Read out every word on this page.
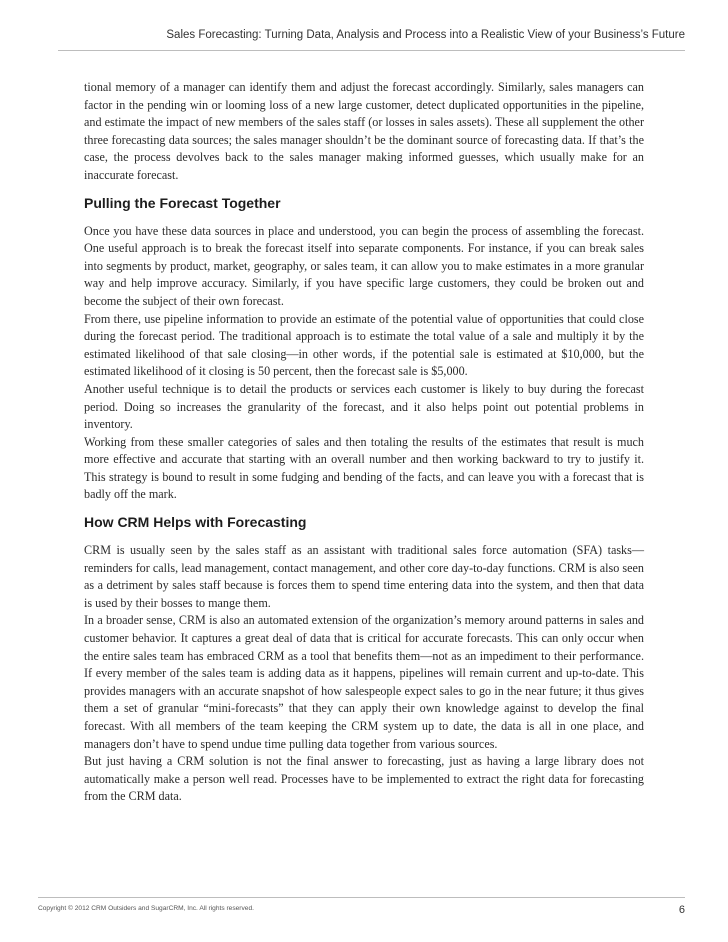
Sales Forecasting: Turning Data, Analysis and Process into a Realistic View of your Business’s Future

tional memory of a manager can identify them and adjust the forecast accordingly. Similarly, sales managers can factor in the pending win or looming loss of a new large customer, detect duplicated opportunities in the pipeline, and estimate the impact of new members of the sales staff (or losses in sales assets). These all supplement the other three forecasting data sources; the sales manager shouldn’t be the dominant source of forecasting data. If that’s the case, the process devolves back to the sales manager making informed guesses, which usually make for an inaccurate forecast.

Pulling the Forecast Together

Once you have these data sources in place and understood, you can begin the process of assembling the forecast. One useful approach is to break the forecast itself into separate components. For instance, if you can break sales into segments by product, market, geography, or sales team, it can allow you to make estimates in a more granular way and help improve accuracy. Similarly, if you have specific large customers, they could be broken out and become the subject of their own forecast.

From there, use pipeline information to provide an estimate of the potential value of opportunities that could close during the forecast period. The traditional approach is to estimate the total value of a sale and multiply it by the estimated likelihood of that sale closing—in other words, if the potential sale is estimated at $10,000, but the estimated likelihood of it closing is 50 percent, then the forecast sale is $5,000.

Another useful technique is to detail the products or services each customer is likely to buy during the forecast period. Doing so increases the granularity of the forecast, and it also helps point out potential problems in inventory.

Working from these smaller categories of sales and then totaling the results of the estimates that result is much more effective and accurate that starting with an overall number and then working backward to try to justify it. This strategy is bound to result in some fudging and bending of the facts, and can leave you with a forecast that is badly off the mark.

How CRM Helps with Forecasting

CRM is usually seen by the sales staff as an assistant with traditional sales force automation (SFA) tasks—reminders for calls, lead management, contact management, and other core day-to-day functions. CRM is also seen as a detriment by sales staff because is forces them to spend time entering data into the system, and then that data is used by their bosses to mange them.

In a broader sense, CRM is also an automated extension of the organization’s memory around patterns in sales and customer behavior. It captures a great deal of data that is critical for accurate forecasts. This can only occur when the entire sales team has embraced CRM as a tool that benefits them—not as an impediment to their performance. If every member of the sales team is adding data as it happens, pipelines will remain current and up-to-date. This provides managers with an accurate snapshot of how salespeople expect sales to go in the near future; it thus gives them a set of granular “mini-forecasts” that they can apply their own knowledge against to develop the final forecast. With all members of the team keeping the CRM system up to date, the data is all in one place, and managers don’t have to spend undue time pulling data together from various sources.

But just having a CRM solution is not the final answer to forecasting, just as having a large library does not automatically make a person well read. Processes have to be implemented to extract the right data for forecasting from the CRM data.

Copyright © 2012 CRM Outsiders and SugarCRM, Inc. All rights reserved.	6
